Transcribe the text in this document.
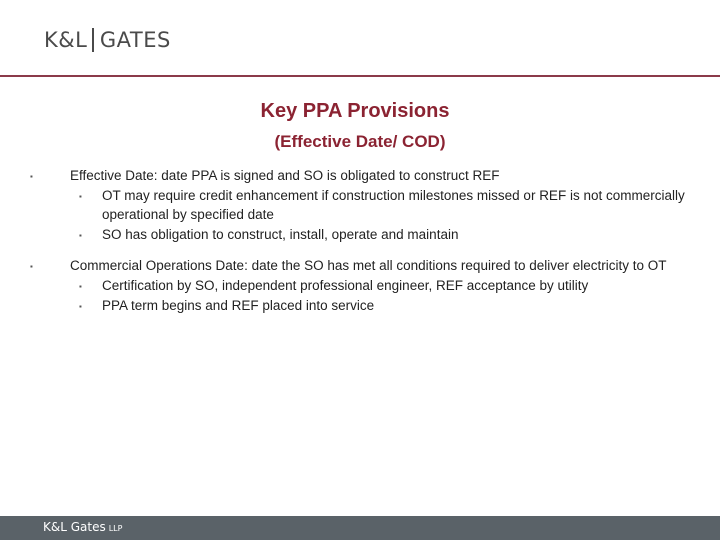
K&L GATES
Key PPA Provisions
(Effective Date/ COD)
▪	Effective Date: date PPA is signed and SO is obligated to construct REF
▪ OT may require credit enhancement if construction milestones missed or REF is not commercially operational by specified date
▪ SO has obligation to construct, install, operate and maintain
▪	Commercial Operations Date: date the SO has met all conditions required to deliver electricity to OT
▪ Certification by SO, independent professional engineer, REF acceptance by utility
▪ PPA term begins and REF placed into service
K&L Gates LLP
